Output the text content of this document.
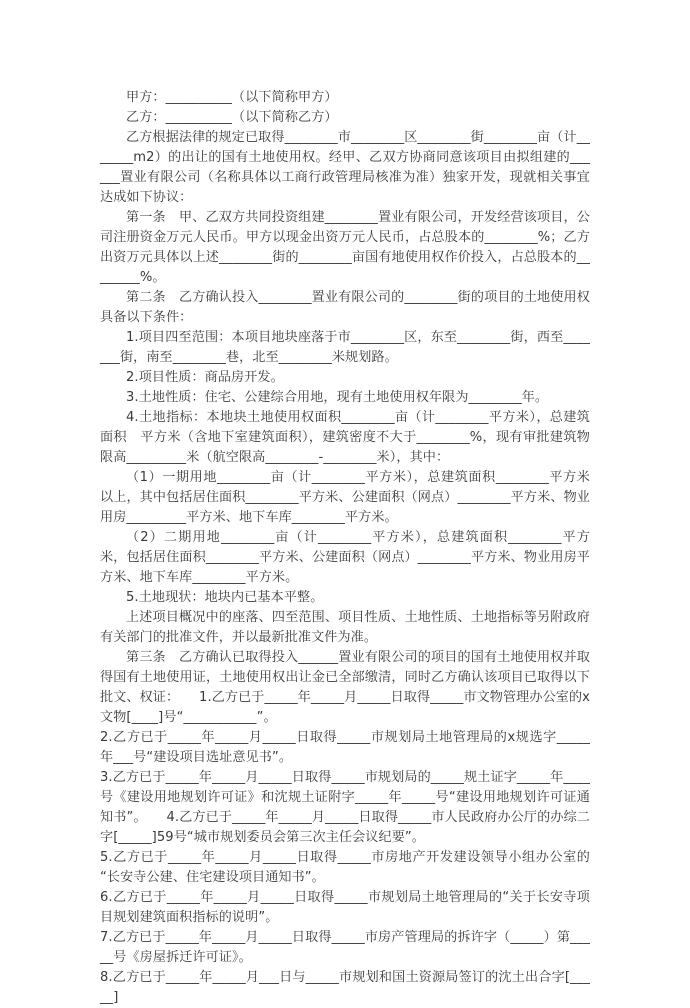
甲方：__________（以下简称甲方）

乙方：__________（以下简称乙方）

乙方根据法律的规定已取得________市________区________街________亩（计_______m2）的出让的国有土地使用权。经甲、乙双方协商同意该项目由拟组建的______置业有限公司（名称具体以工商行政管理局核准为准）独家开发，现就相关事宜达成如下协议：

第一条　甲、乙双方共同投资组建________置业有限公司，开发经营该项目，公司注册资金万元人民币。甲方以现金出资万元人民币，占总股本的________%；乙方出资万元具体以上述________街的________亩国有地使用权作价投入，占总股本的________%。

第二条　乙方确认投入________置业有限公司的________街的项目的土地使用权具备以下条件：

1.项目四至范围：本项目地块座落于市________区，东至________街，西至_______街，南至________巷，北至________米规划路。

2.项目性质：商品房开发。

3.土地性质：住宅、公建综合用地，现有土地使用权年限为________年。

4.土地指标：本地块土地使用权面积________亩（计________平方米），总建筑面积　平方米（含地下室建筑面积），建筑密度不大于________%，现有审批建筑物限高_________米（航空限高________-________米），其中：

（1）一期用地________亩（计________平方米），总建筑面积________平方米以上，其中包括居住面积________平方米、公建面积（网点）________平方米、物业用房_________平方米、地下车库________平方米。

（2）二期用地________亩（计________平方米），总建筑面积________平方米，包括居住面积________平方米、公建面积（网点）________平方米、物业用房平方米、地下车库________平方米。

5.土地现状：地块内已基本平整。

上述项目概况中的座落、四至范围、项目性质、土地性质、土地指标等另附政府有关部门的批准文件，并以最新批准文件为准。

第三条　乙方确认已取得投入______置业有限公司的项目的国有土地使用权并取得国有土地使用证，土地使用权出让金已全部缴清，同时乙方确认该项目已取得以下批文、权证：　　1.乙方已于_____年_____月_____日取得_____市文物管理办公室的ⅹ文物[____]号“___________”。

2.乙方已于_____年_____月_____日取得_____市规划局土地管理局的ⅹ规选字_____年___号“建设项目选址意见书”。

3.乙方已于_____年_____月_____日取得_____市规划局的_____规土证字_____年____号《建设用地规划许可证》和沈规土证附字_____年_____号“建设用地规划许可证通知书”。　　4.乙方已于_____年_____月_____日取得_____市人民政府办公厅的办综二字[_____]59号“城市规划委员会第三次主任会议纪要”。

5.乙方已于_____年_____月_____日取得_____市房地产开发建设领导小组办公室的“长安寺公建、住宅建设项目通知书”。

6.乙方已于_____年_____月_____日取得_____市规划局土地管理局的“关于长安寺项目规划建筑面积指标的说明”。

7.乙方已于_____年_____月_____日取得_____市房产管理局的拆许字（_____）第_____号《房屋拆迁许可证》。

8.乙方已于_____年_____月___日与_____市规划和国土资源局签订的沈土出合字[_____]
